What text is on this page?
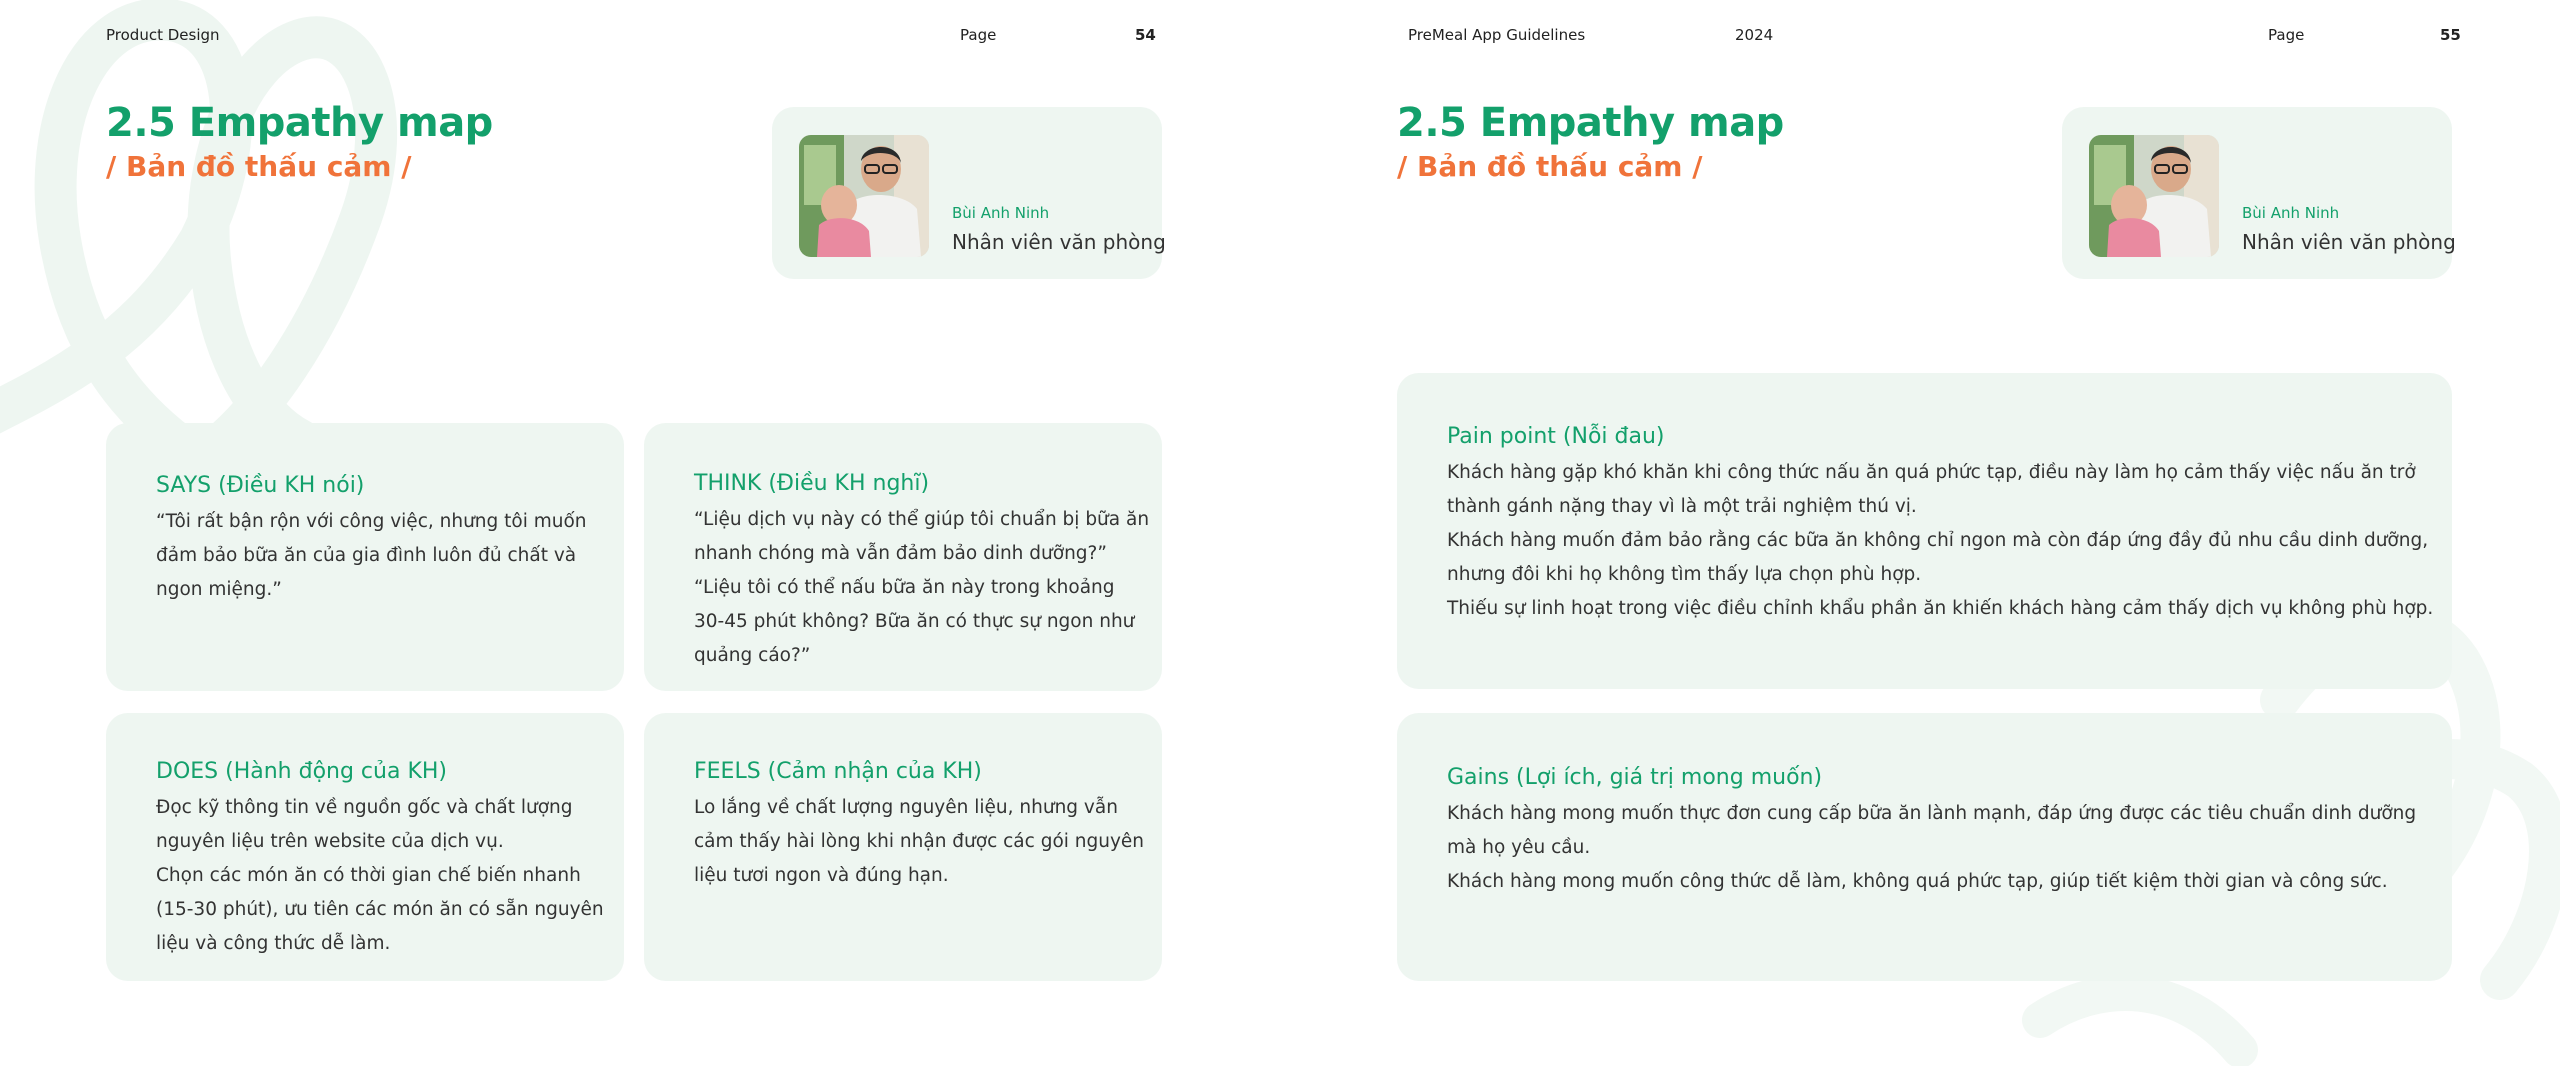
Product Design	Page	54
2.5 Empathy map
/ Bản đồ thấu cảm /
Bùi Anh Ninh
Nhân viên văn phòng
SAYS (Điều KH nói)

“Tôi rất bận rộn với công việc, nhưng tôi muốn

đảm bảo bữa ăn của gia đình luôn đủ chất và

ngon miệng.”

THINK (Điều KH nghĩ)

“Liệu dịch vụ này có thể giúp tôi chuẩn bị bữa ăn

nhanh chóng mà vẫn đảm bảo dinh dưỡng?”

“Liệu tôi có thể nấu bữa ăn này trong khoảng

30-45 phút không? Bữa ăn có thực sự ngon như

quảng cáo?”

DOES (Hành động của KH)

Đọc kỹ thông tin về nguồn gốc và chất lượng

nguyên liệu trên website của dịch vụ.

Chọn các món ăn có thời gian chế biến nhanh

(15-30 phút), ưu tiên các món ăn có sẵn nguyên

liệu và công thức dễ làm.

FEELS (Cảm nhận của KH)

Lo lắng về chất lượng nguyên liệu, nhưng vẫn

cảm thấy hài lòng khi nhận được các gói nguyên

liệu tươi ngon và đúng hạn.

PreMeal App Guidelines	2024	Page	55
2.5 Empathy map
/ Bản đồ thấu cảm /
Bùi Anh Ninh
Nhân viên văn phòng
Pain point (Nỗi đau)

Khách hàng gặp khó khăn khi công thức nấu ăn quá phức tạp, điều này làm họ cảm thấy việc nấu ăn trở

thành gánh nặng thay vì là một trải nghiệm thú vị.

Khách hàng muốn đảm bảo rằng các bữa ăn không chỉ ngon mà còn đáp ứng đầy đủ nhu cầu dinh dưỡng,

nhưng đôi khi họ không tìm thấy lựa chọn phù hợp.

Thiếu sự linh hoạt trong việc điều chỉnh khẩu phần ăn khiến khách hàng cảm thấy dịch vụ không phù hợp.

Gains (Lợi ích, giá trị mong muốn)

Khách hàng mong muốn thực đơn cung cấp bữa ăn lành mạnh, đáp ứng được các tiêu chuẩn dinh dưỡng

mà họ yêu cầu.

Khách hàng mong muốn công thức dễ làm, không quá phức tạp, giúp tiết kiệm thời gian và công sức.
